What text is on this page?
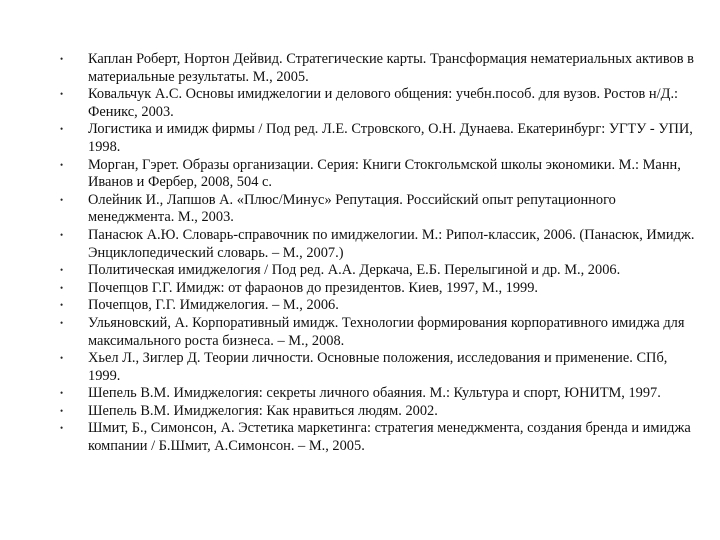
•	Каплан Роберт, Нортон Дейвид. Стратегические карты. Трансформация нематериальных активов в материальные результаты. М., 2005.
•	Ковальчук А.С. Основы имиджелогии и делового общения: учебн.пособ. для вузов. Ростов н/Д.: Феникс, 2003.
•	Логистика и имидж фирмы / Под ред. Л.Е. Стровского, О.Н. Дунаева. Екатеринбург: УГТУ - УПИ, 1998.
•	Морган, Гэрет. Образы организации. Серия: Книги Стокгольмской школы экономики. М.: Манн, Иванов и Фербер, 2008, 504 с.
•	Олейник И., Лапшов А. «Плюс/Минус» Репутация. Российский опыт репутационного менеджмента. М., 2003.
•	Панасюк А.Ю. Словарь-справочник по имиджелогии. М.: Рипол-классик, 2006. (Панасюк, Имидж. Энциклопедический словарь. – М., 2007.)
•	Политическая имиджелогия / Под ред. А.А. Деркача, Е.Б. Перелыгиной и др. М., 2006.
•	Почепцов Г.Г. Имидж: от фараонов до президентов. Киев, 1997, М., 1999.
•	Почепцов, Г.Г. Имиджелогия. – М., 2006.
•	Ульяновский, А. Корпоративный имидж. Технологии формирования корпоративного имиджа для максимального роста бизнеса. – М., 2008.
•	Хьел Л., Зиглер Д. Теории личности. Основные положения, исследования и применение. СПб, 1999.
•	Шепель В.М. Имиджелогия: секреты личного обаяния. М.: Культура и спорт, ЮНИТМ, 1997.
•	Шепель В.М. Имиджелогия: Как нравиться людям. 2002.
•	Шмит, Б., Симонсон, А. Эстетика маркетинга: стратегия менеджмента, создания бренда и имиджа компании / Б.Шмит, А.Симонсон. – М., 2005.
